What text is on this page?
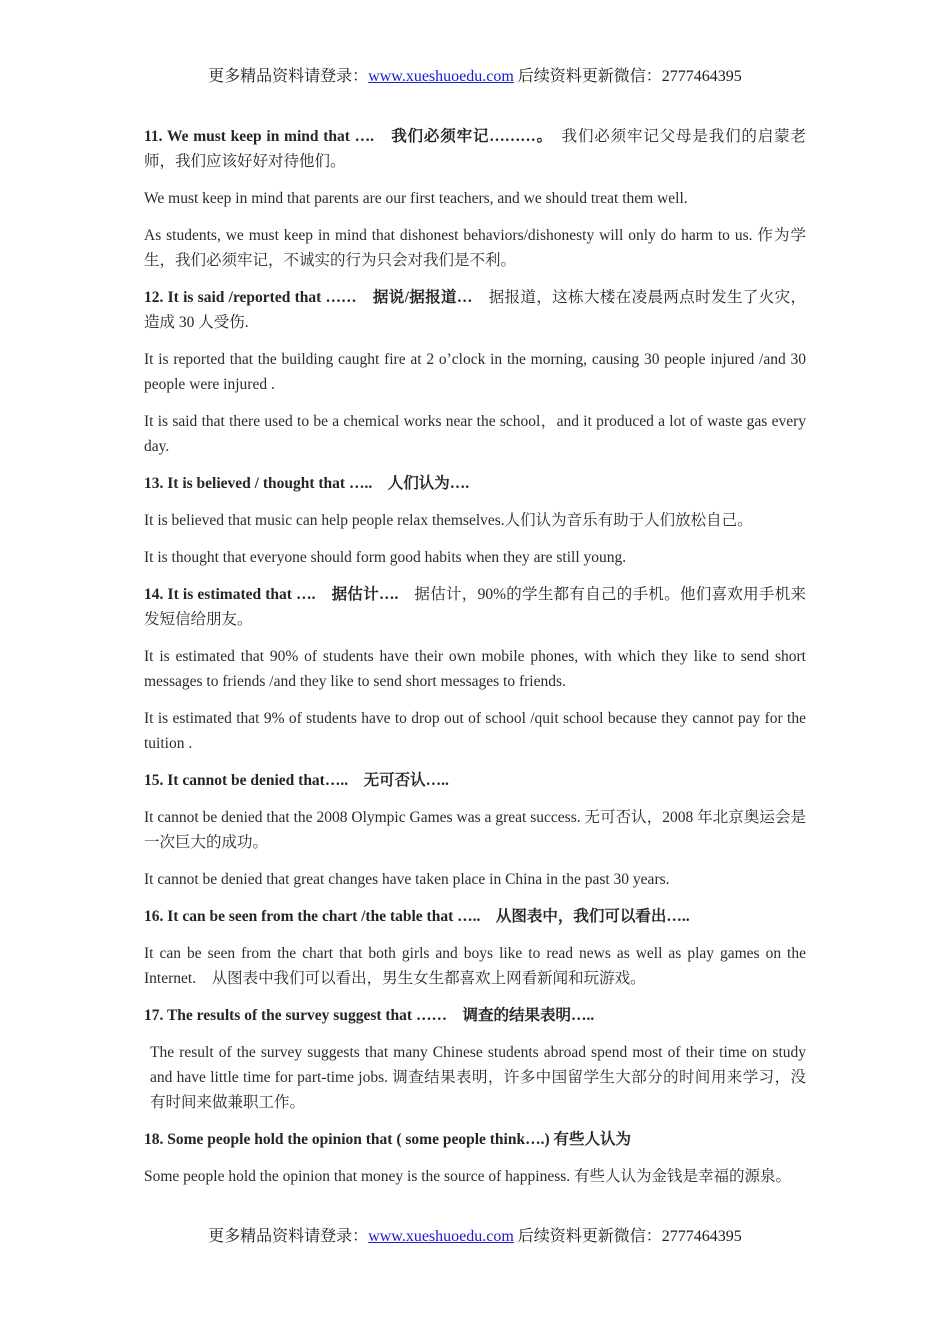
更多精品资料请登录：www.xueshuoedu.com 后续资料更新微信：2777464395

11. We must keep in mind that ….　我们必须牢记………。　我们必须牢记父母是我们的启蒙老师，我们应该好好对待他们。

We must keep in mind that parents are our first teachers, and we should treat them well.

As students, we must keep in mind that dishonest behaviors/dishonesty will only do harm to us. 作为学生，我们必须牢记，不诚实的行为只会对我们是不利。

12. It is said /reported that ……　据说/据报道…　据报道，这栋大楼在凌晨两点时发生了火灾，造成 30 人受伤.

It is reported that the building caught fire at 2 o’clock in the morning, causing 30 people injured /and 30 people were injured .

It is said that there used to be a chemical works near the school，and it produced a lot of waste gas every day.

13. It is believed / thought that …..　人们认为….

It is believed that music can help people relax themselves.人们认为音乐有助于人们放松自己。

It is thought that everyone should form good habits when they are still young.

14. It is estimated that ….　据估计….　据估计，90%的学生都有自己的手机。他们喜欢用手机来发短信给朋友。

It is estimated that 90% of students have their own mobile phones, with which they like to send short messages to friends /and they like to send short messages to friends.

It is estimated that 9% of students have to drop out of school /quit school because they cannot pay for the tuition .

15. It cannot be denied that…..　无可否认…..

It cannot be denied that the 2008 Olympic Games was a great success. 无可否认，2008 年北京奥运会是一次巨大的成功。

It cannot be denied that great changes have taken place in China in the past 30 years.

16. It can be seen from the chart /the table that …..　从图表中，我们可以看出…..

It can be seen from the chart that both girls and boys like to read news as well as play games on the Internet.　从图表中我们可以看出，男生女生都喜欢上网看新闻和玩游戏。

17. The results of the survey suggest that ……　调查的结果表明…..

The result of the survey suggests that many Chinese students abroad spend most of their time on study and have little time for part-time jobs. 调查结果表明，许多中国留学生大部分的时间用来学习，没有时间来做兼职工作。

18. Some people hold the opinion that ( some people think….) 有些人认为

Some people hold the opinion that money is the source of happiness. 有些人认为金钱是幸福的源泉。

更多精品资料请登录：www.xueshuoedu.com 后续资料更新微信：2777464395
